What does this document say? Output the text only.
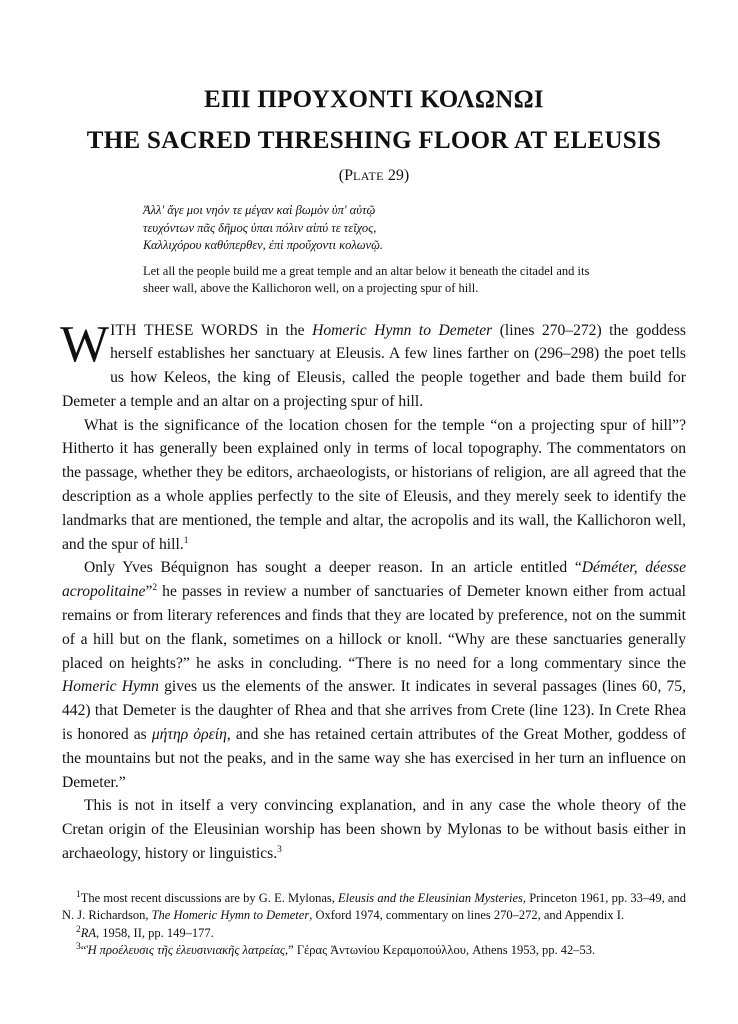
ΕΠΙ ΠΡΟΥΧΟΝΤΙ ΚΟΛΩΝΩΙ
THE SACRED THRESHING FLOOR AT ELEUSIS
(PLATE 29)
Ἀλλ' ἄγε μοι νηόν τε μέγαν καὶ βωμὸν ὑπ' αὐτῷ
τευχόντων πᾶς δῆμος ὑπαι πόλιν αἰπύ τε τεῖχος,
Καλλιχόρου καθύπερθεν, ἐπὶ προὔχοντι κολωνῷ.
Let all the people build me a great temple and an altar below it beneath the citadel and its sheer wall, above the Kallichoron well, on a projecting spur of hill.

WITH THESE WORDS in the Homeric Hymn to Demeter (lines 270–272) the goddess herself establishes her sanctuary at Eleusis. A few lines farther on (296–298) the poet tells us how Keleos, the king of Eleusis, called the people together and bade them build for Demeter a temple and an altar on a projecting spur of hill.

What is the significance of the location chosen for the temple “on a projecting spur of hill”? Hitherto it has generally been explained only in terms of local topography. The commentators on the passage, whether they be editors, archaeologists, or historians of religion, are all agreed that the description as a whole applies perfectly to the site of Eleusis, and they merely seek to identify the landmarks that are mentioned, the temple and altar, the acropolis and its wall, the Kallichoron well, and the spur of hill.$^1$

Only Yves Béquignon has sought a deeper reason. In an article entitled “Déméter, déesse acropolitaine”$^2$ he passes in review a number of sanctuaries of Demeter known either from actual remains or from literary references and finds that they are located by preference, not on the summit of a hill but on the flank, sometimes on a hillock or knoll. “Why are these sanctuaries generally placed on heights?” he asks in concluding. “There is no need for a long commentary since the Homeric Hymn gives us the elements of the answer. It indicates in several passages (lines 60, 75, 442) that Demeter is the daughter of Rhea and that she arrives from Crete (line 123). In Crete Rhea is honored as μήτηρ ὀρείη, and she has retained certain attributes of the Great Mother, goddess of the mountains but not the peaks, and in the same way she has exercised in her turn an influence on Demeter.”

This is not in itself a very convincing explanation, and in any case the whole theory of the Cretan origin of the Eleusinian worship has been shown by Mylonas to be without basis either in archaeology, history or linguistics.$^3$

$^1$The most recent discussions are by G. E. Mylonas, Eleusis and the Eleusinian Mysteries, Princeton 1961, pp. 33–49, and N. J. Richardson, The Homeric Hymn to Demeter, Oxford 1974, commentary on lines 270–272, and Appendix I.

$^2$RA, 1958, II, pp. 149–177.

$^3$“Ἡ προέλευσις τῆς ἐλευσινιακῆς λατρείας,” Γέρας Ἀντωνίου Κεραμοπούλλου, Athens 1953, pp. 42–53.
